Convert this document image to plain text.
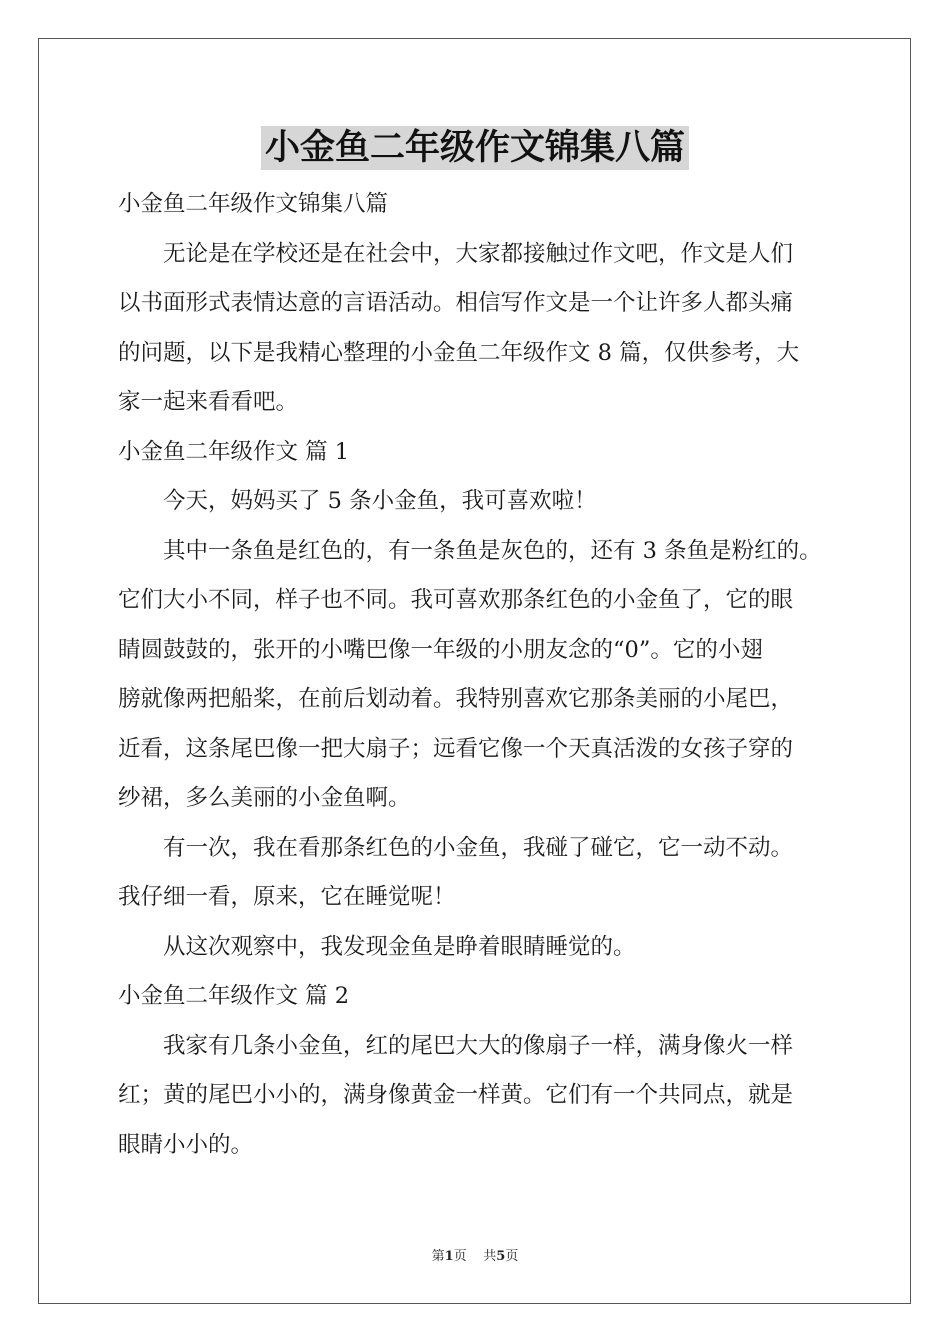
小金鱼二年级作文锦集八篇

小金鱼二年级作文锦集八篇

无论是在学校还是在社会中，大家都接触过作文吧，作文是人们

以书面形式表情达意的言语活动。相信写作文是一个让许多人都头痛

的问题，以下是我精心整理的小金鱼二年级作文 8 篇，仅供参考，大

家一起来看看吧。

小金鱼二年级作文 篇 1

今天，妈妈买了 5 条小金鱼，我可喜欢啦！

其中一条鱼是红色的，有一条鱼是灰色的，还有 3 条鱼是粉红的。

它们大小不同，样子也不同。我可喜欢那条红色的小金鱼了，它的眼

睛圆鼓鼓的，张开的小嘴巴像一年级的小朋友念的“0”。它的小翅

膀就像两把船桨，在前后划动着。我特别喜欢它那条美丽的小尾巴，

近看，这条尾巴像一把大扇子；远看它像一个天真活泼的女孩子穿的

纱裙，多么美丽的小金鱼啊。

有一次，我在看那条红色的小金鱼，我碰了碰它，它一动不动。

我仔细一看，原来，它在睡觉呢！

从这次观察中，我发现金鱼是睁着眼睛睡觉的。

小金鱼二年级作文 篇 2

我家有几条小金鱼，红的尾巴大大的像扇子一样，满身像火一样

红；黄的尾巴小小的，满身像黄金一样黄。它们有一个共同点，就是

眼睛小小的。

第1页 共5页
